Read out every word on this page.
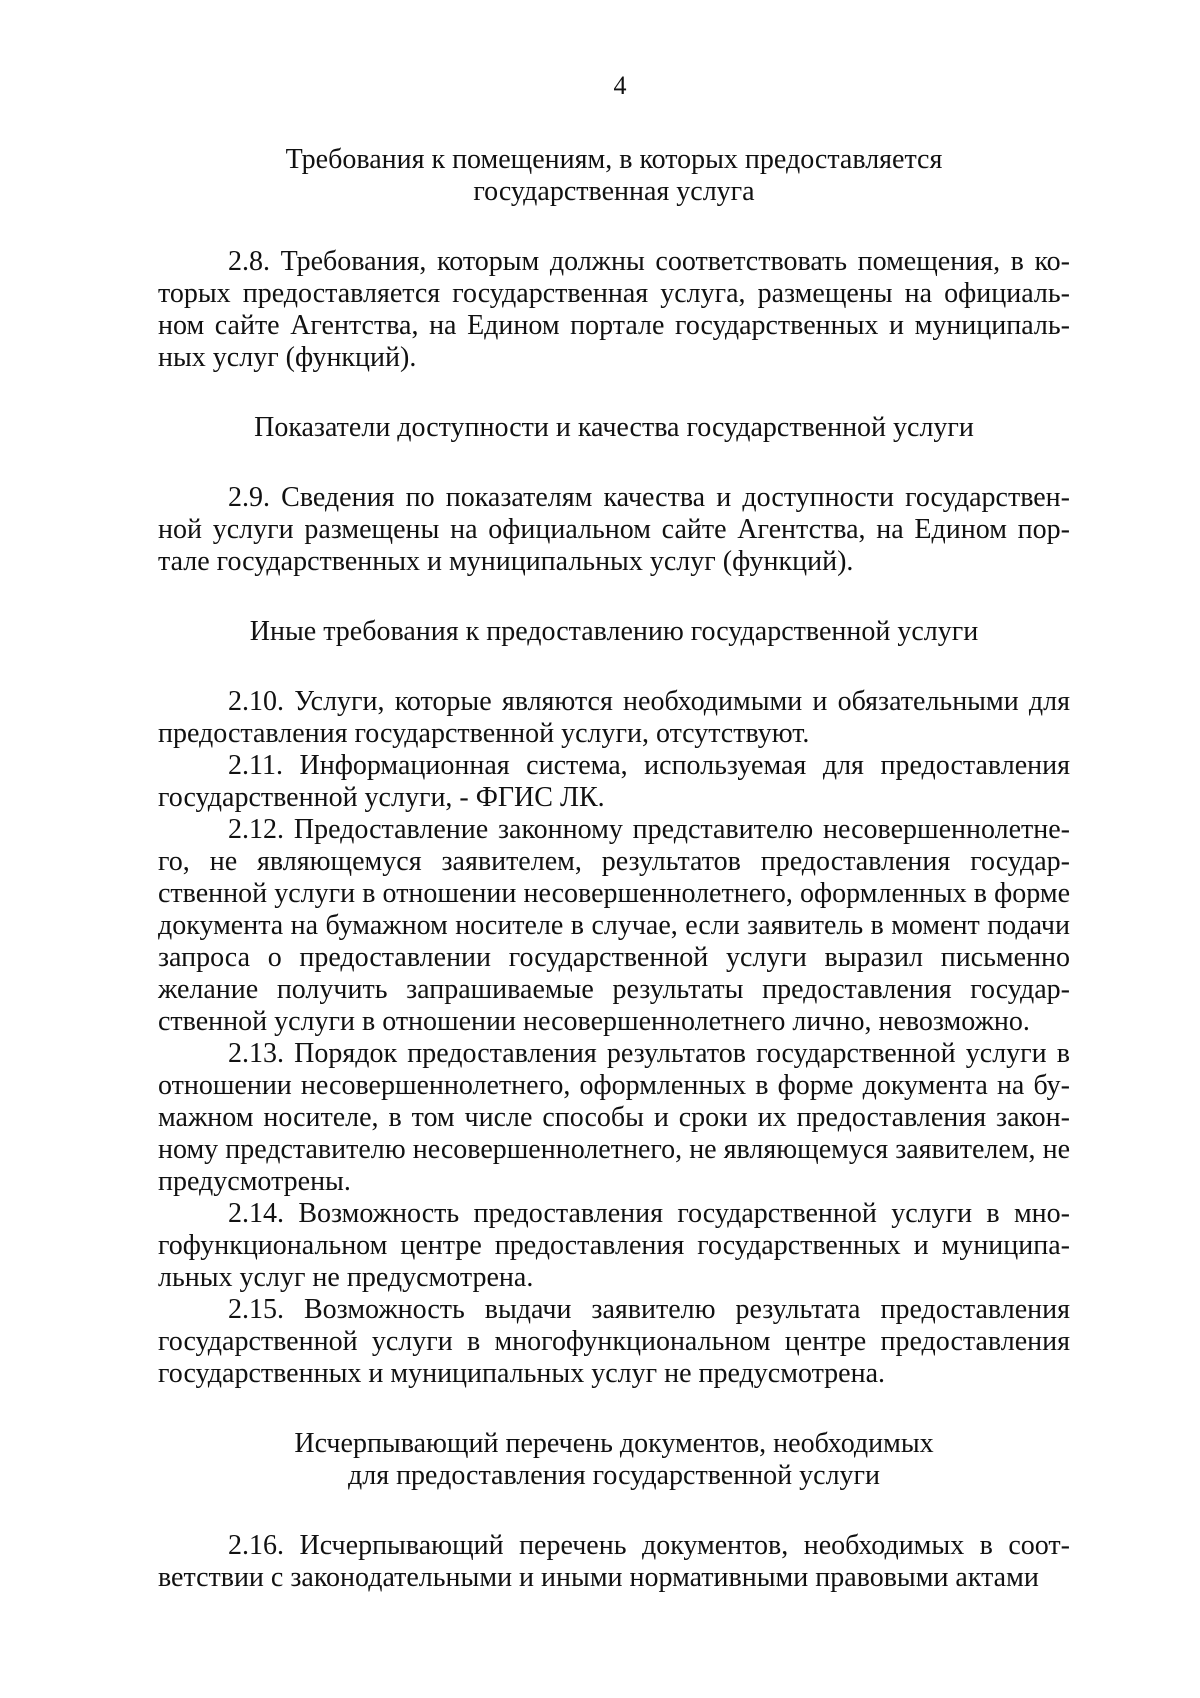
4
Требования к помещениям, в которых предоставляется
государственная услуга

2.8. Требования, которым должны соответствовать помещения, в которых предоставляется государственная услуга, размещены на официальном сайте Агентства, на Едином портале государственных и муниципальных услуг (функций).

Показатели доступности и качества государственной услуги

2.9. Сведения по показателям качества и доступности государственной услуги размещены на официальном сайте Агентства, на Едином портале государственных и муниципальных услуг (функций).

Иные требования к предоставлению государственной услуги

2.10. Услуги, которые являются необходимыми и обязательными для предоставления государственной услуги, отсутствуют.

2.11. Информационная система, используемая для предоставления государственной услуги, - ФГИС ЛК.

2.12. Предоставление законному представителю несовершеннолетнего, не являющемуся заявителем, результатов предоставления государственной услуги в отношении несовершеннолетнего, оформленных в форме документа на бумажном носителе в случае, если заявитель в момент подачи запроса о предоставлении государственной услуги выразил письменно желание получить запрашиваемые результаты предоставления государственной услуги в отношении несовершеннолетнего лично, невозможно.

2.13. Порядок предоставления результатов государственной услуги в отношении несовершеннолетнего, оформленных в форме документа на бумажном носителе, в том числе способы и сроки их предоставления законному представителю несовершеннолетнего, не являющемуся заявителем, не предусмотрены.

2.14. Возможность предоставления государственной услуги в многофункциональном центре предоставления государственных и муниципальных услуг не предусмотрена.

2.15. Возможность выдачи заявителю результата предоставления государственной услуги в многофункциональном центре предоставления государственных и муниципальных услуг не предусмотрена.

Исчерпывающий перечень документов, необходимых
для предоставления государственной услуги

2.16. Исчерпывающий перечень документов, необходимых в соответствии с законодательными и иными нормативными правовыми актами
